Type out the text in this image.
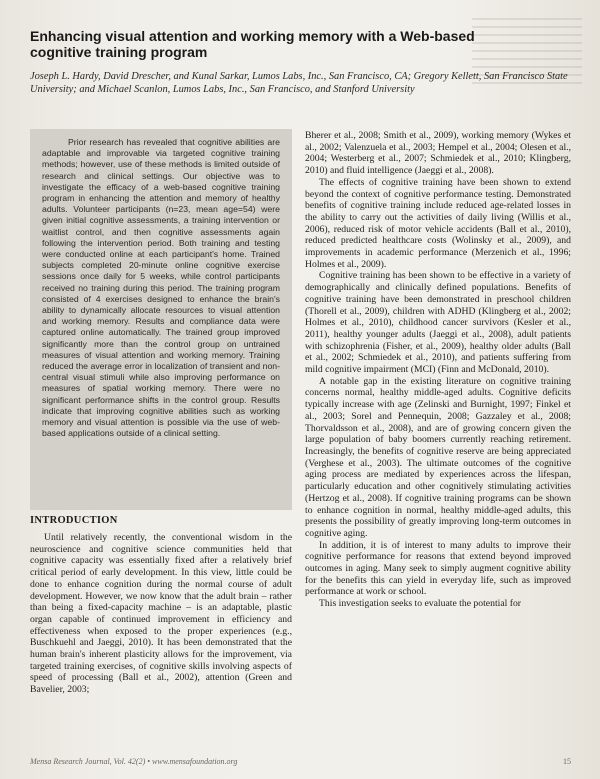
Enhancing visual attention and working memory with a Web-based cognitive training program
Joseph L. Hardy, David Drescher, and Kunal Sarkar, Lumos Labs, Inc., San Francisco, CA; Gregory Kellett, San Francisco State University; and Michael Scanlon, Lumos Labs, Inc., San Francisco, and Stanford University
Prior research has revealed that cognitive abilities are adaptable and improvable via targeted cognitive training methods; however, use of these methods is limited outside of research and clinical settings. Our objective was to investigate the efficacy of a web-based cognitive training program in enhancing the attention and memory of healthy adults. Volunteer participants (n=23, mean age=54) were given initial cognitive assessments, a training intervention or waitlist control, and then cognitive assessments again following the intervention period. Both training and testing were conducted online at each participant's home. Trained subjects completed 20-minute online cognitive exercise sessions once daily for 5 weeks, while control participants received no training during this period. The training program consisted of 4 exercises designed to enhance the brain's ability to dynamically allocate resources to visual attention and working memory. Results and compliance data were captured online automatically. The trained group improved significantly more than the control group on untrained measures of visual attention and working memory. Training reduced the average error in localization of transient and non-central visual stimuli while also improving performance on measures of spatial working memory. There were no significant performance shifts in the control group. Results indicate that improving cognitive abilities such as working memory and visual attention is possible via the use of web-based applications outside of a clinical setting.
INTRODUCTION

Until relatively recently, the conventional wisdom in the neuroscience and cognitive science communities held that cognitive capacity was essentially fixed after a relatively brief critical period of early development. In this view, little could be done to enhance cognition during the normal course of adult development. However, we now know that the adult brain – rather than being a fixed-capacity machine – is an adaptable, plastic organ capable of continued improvement in efficiency and effectiveness when exposed to the proper experiences (e.g., Buschkuehl and Jaeggi, 2010). It has been demonstrated that the human brain's inherent plasticity allows for the improvement, via targeted training exercises, of cognitive skills involving aspects of speed of processing (Ball et al., 2002), attention (Green and Bavelier, 2003;

Bherer et al., 2008; Smith et al., 2009), working memory (Wykes et al., 2002; Valenzuela et al., 2003; Hempel et al., 2004; Olesen et al., 2004; Westerberg et al., 2007; Schmiedek et al., 2010; Klingberg, 2010) and fluid intelligence (Jaeggi et al., 2008).

The effects of cognitive training have been shown to extend beyond the context of cognitive performance testing. Demonstrated benefits of cognitive training include reduced age-related losses in the ability to carry out the activities of daily living (Willis et al., 2006), reduced risk of motor vehicle accidents (Ball et al., 2010), reduced predicted healthcare costs (Wolinsky et al., 2009), and improvements in academic performance (Merzenich et al., 1996; Holmes et al., 2009).

Cognitive training has been shown to be effective in a variety of demographically and clinically defined populations. Benefits of cognitive training have been demonstrated in preschool children (Thorell et al., 2009), children with ADHD (Klingberg et al., 2002; Holmes et al., 2010), childhood cancer survivors (Kesler et al., 2011), healthy younger adults (Jaeggi et al., 2008), adult patients with schizophrenia (Fisher, et al., 2009), healthy older adults (Ball et al., 2002; Schmiedek et al., 2010), and patients suffering from mild cognitive impairment (MCI) (Finn and McDonald, 2010).

A notable gap in the existing literature on cognitive training concerns normal, healthy middle-aged adults. Cognitive deficits typically increase with age (Zelinski and Burnight, 1997; Finkel et al., 2003; Sorel and Pennequin, 2008; Gazzaley et al., 2008; Thorvaldsson et al., 2008), and are of growing concern given the large population of baby boomers currently reaching retirement. Increasingly, the benefits of cognitive reserve are being appreciated (Verghese et al., 2003). The ultimate outcomes of the cognitive aging process are mediated by experiences across the lifespan, particularly education and other cognitively stimulating activities (Hertzog et al., 2008). If cognitive training programs can be shown to enhance cognition in normal, healthy middle-aged adults, this presents the possibility of greatly improving long-term outcomes in cognitive aging.

In addition, it is of interest to many adults to improve their cognitive performance for reasons that extend beyond improved outcomes in aging. Many seek to simply augment cognitive ability for the benefits this can yield in everyday life, such as improved performance at work or school.

This investigation seeks to evaluate the potential for

Mensa Research Journal, Vol. 42(2) • www.mensafoundation.org	15
